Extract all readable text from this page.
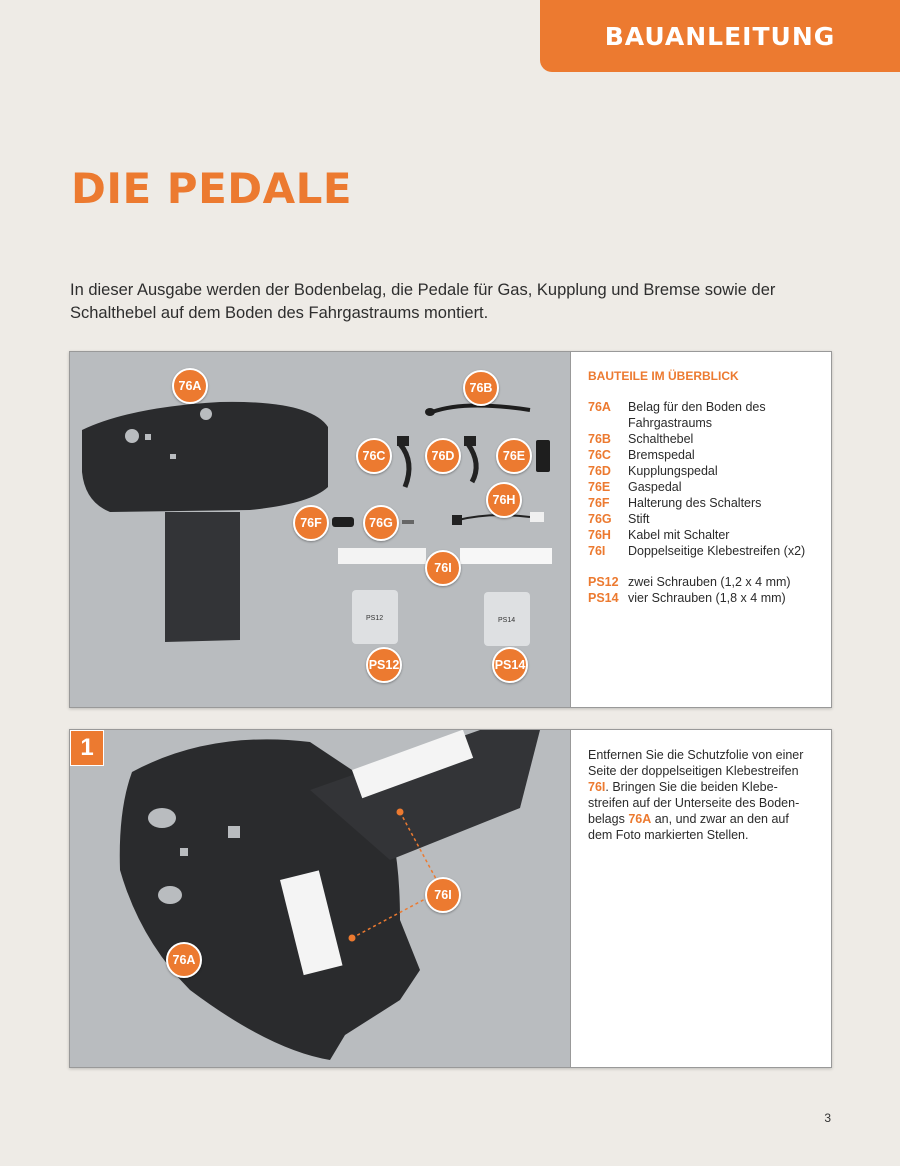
BAUANLEITUNG
DIE PEDALE

In dieser Ausgabe werden der Bodenbelag, die Pedale für Gas, Kupplung und Bremse sowie der Schalthebel auf dem Boden des Fahrgastraums montiert.

PS12	PS14
76A	76B
76C	76D	76E
76H
76F	76G
76I
PS12	PS14
BAUTEILE IM ÜBERBLICK
76A	Belag für den Boden des Fahrgastraums
76B	Schalthebel
76C	Bremspedal
76D	Kupplungspedal
76E	Gaspedal
76F	Halterung des Schalters
76G	Stift
76H	Kabel mit Schalter
76I	Doppelseitige Klebestreifen (x2)
PS12 zwei Schrauben (1,2 x 4 mm)
PS14 vier Schrauben (1,8 x 4 mm)
1
76I
76A

Entfernen Sie die Schutzfolie von einer Seite der doppelseitigen Klebestreifen 76I. Bringen Sie die beiden Klebestreifen auf der Unterseite des Bodenbelags 76A an, und zwar an den auf dem Foto markierten Stellen.

3
